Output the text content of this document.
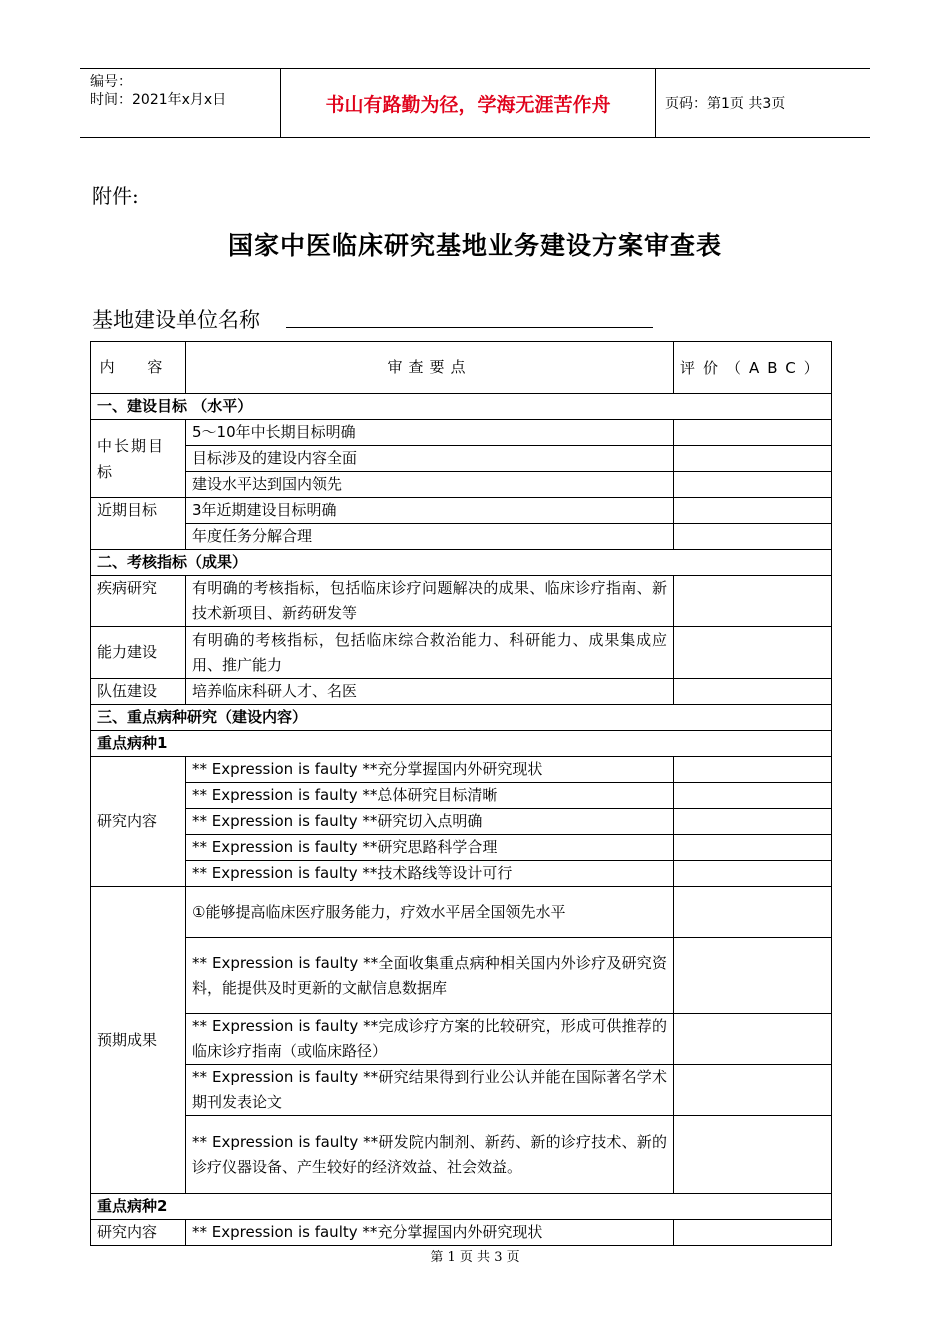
编号：
时间：2021年x月x日	书山有路勤为径，学海无涯苦作舟	页码：第1页 共3页
附件:
国家中医临床研究基地业务建设方案审查表
基地建设单位名称
内 容	审查要点	评价（ABC）
一、建设目标 （水平）		
中长期目标	5～10年中长期目标明确	
	目标涉及的建设内容全面	
	建设水平达到国内领先	
近期目标	3年近期建设目标明确	
	年度任务分解合理	
二、考核指标（成果）		
疾病研究	有明确的考核指标，包括临床诊疗问题解决的成果、临床诊疗指南、新技术新项目、新药研发等	
能力建设	有明确的考核指标，包括临床综合救治能力、科研能力、成果集成应用、推广能力	
队伍建设	培养临床科研人才、名医	
三、重点病种研究（建设内容）		
重点病种1		
研究内容	** Expression is faulty **充分掌握国内外研究现状	
	** Expression is faulty **总体研究目标清晰	
	** Expression is faulty **研究切入点明确	
	** Expression is faulty **研究思路科学合理	
	** Expression is faulty **技术路线等设计可行	
预期成果	①能够提高临床医疗服务能力，疗效水平居全国领先水平	
	** Expression is faulty **全面收集重点病种相关国内外诊疗及研究资料，能提供及时更新的文献信息数据库	
	** Expression is faulty **完成诊疗方案的比较研究，形成可供推荐的临床诊疗指南（或临床路径）	
	** Expression is faulty **研究结果得到行业公认并能在国际著名学术期刊发表论文	
	** Expression is faulty **研发院内制剂、新药、新的诊疗技术、新的诊疗仪器设备、产生较好的经济效益、社会效益。	
重点病种2		
研究内容	** Expression is faulty **充分掌握国内外研究现状	
第 1 页 共 3 页
